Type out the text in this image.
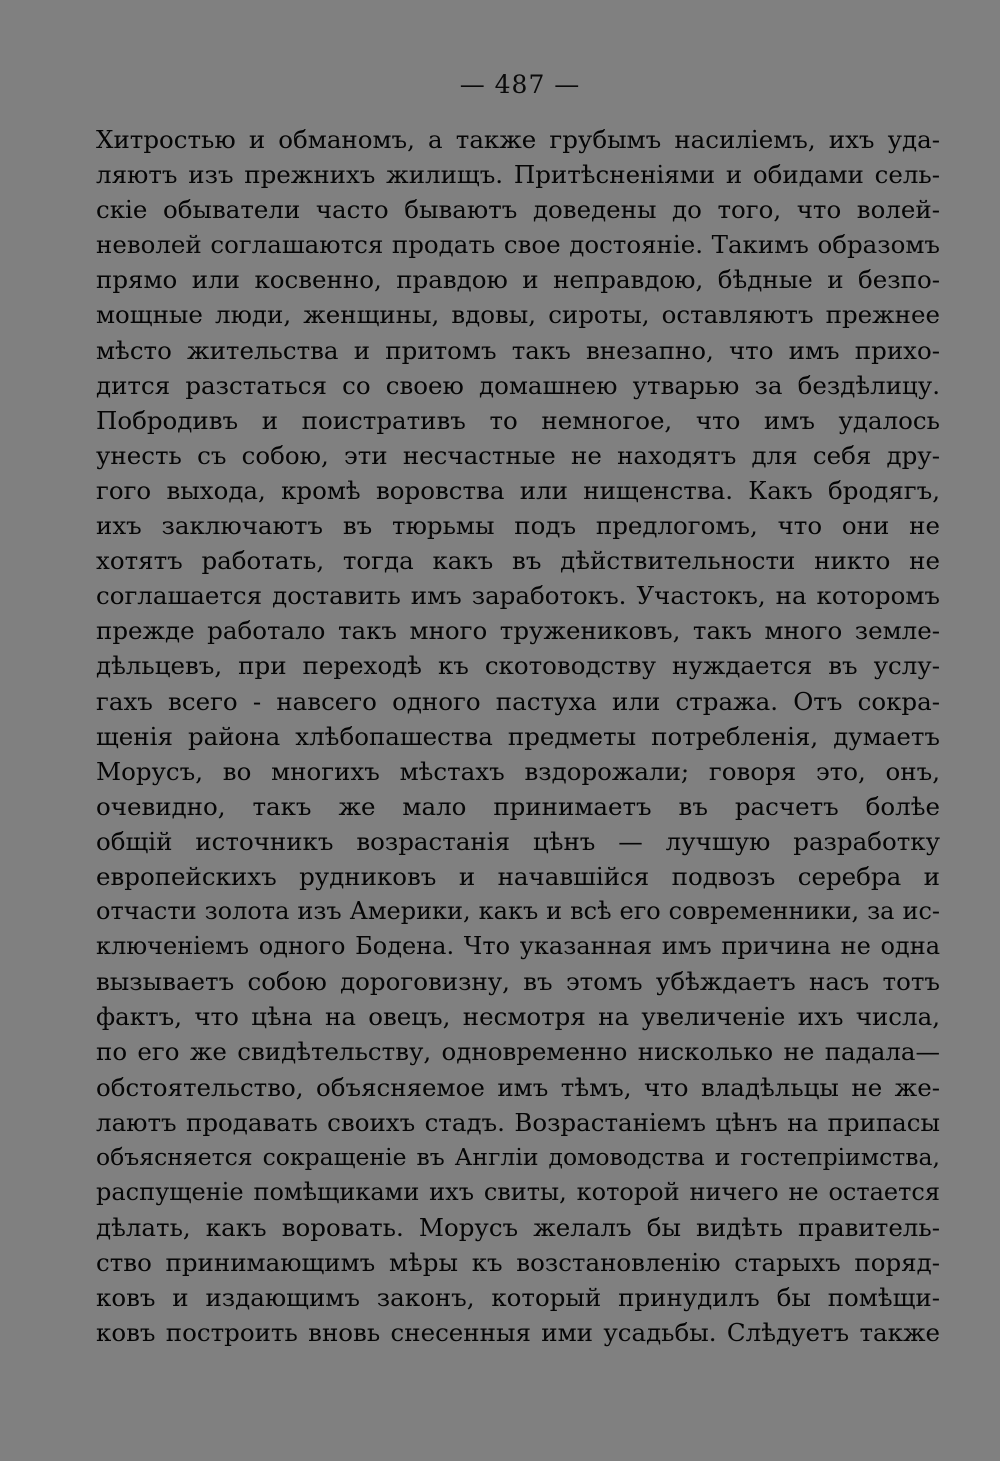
— 487 —
Хитростью и обманомъ, а также грубымъ насиліемъ, ихъ уда-
ляютъ изъ прежнихъ жилищъ. Притѣсненіями и обидами сель-
скіе обыватели часто бываютъ доведены до того, что волей-
неволей соглашаются продать свое достояніе. Такимъ образомъ
прямо или косвенно, правдою и неправдою, бѣдные и безпо-
мощные люди, женщины, вдовы, сироты, оставляютъ прежнее
мѣсто жительства и притомъ такъ внезапно, что имъ прихо-
дится разстаться со своею домашнею утварью за бездѣлицу.
Побродивъ и поистративъ то немногое, что имъ удалось
унесть съ собою, эти несчастные не находятъ для себя дру-
гого выхода, кромѣ воровства или нищенства. Какъ бродягъ,
ихъ заключаютъ въ тюрьмы подъ предлогомъ, что они не
хотятъ работать, тогда какъ въ дѣйствительности никто не
соглашается доставить имъ заработокъ. Участокъ, на которомъ
прежде работало такъ много тружениковъ, такъ много земле-
дѣльцевъ, при переходѣ къ скотоводству нуждается въ услу-
гахъ всего - навсего одного пастуха или стража. Отъ сокра-
щенія района хлѣбопашества предметы потребленія, думаетъ
Морусъ, во многихъ мѣстахъ вздорожали; говоря это, онъ,
очевидно, такъ же мало принимаетъ въ расчетъ болѣе
общій источникъ возрастанія цѣнъ — лучшую разработку
европейскихъ рудниковъ и начавшійся подвозъ серебра и
отчасти золота изъ Америки, какъ и всѣ его современники, за ис-
ключеніемъ одного Бодена. Что указанная имъ причина не одна
вызываетъ собою дороговизну, въ этомъ убѣждаетъ насъ тотъ
фактъ, что цѣна на овецъ, несмотря на увеличеніе ихъ числа,
по его же свидѣтельству, одновременно нисколько не падала—
обстоятельство, объясняемое имъ тѣмъ, что владѣльцы не же-
лаютъ продавать своихъ стадъ. Возрастаніемъ цѣнъ на припасы
объясняется сокращеніе въ Англіи домоводства и гостепріимства,
распущеніе помѣщиками ихъ свиты, которой ничего не остается
дѣлать, какъ воровать. Морусъ желалъ бы видѣть правитель-
ство принимающимъ мѣры къ возстановленію старыхъ поряд-
ковъ и издающимъ законъ, который принудилъ бы помѣщи-
ковъ построить вновь снесенныя ими усадьбы. Слѣдуетъ также
